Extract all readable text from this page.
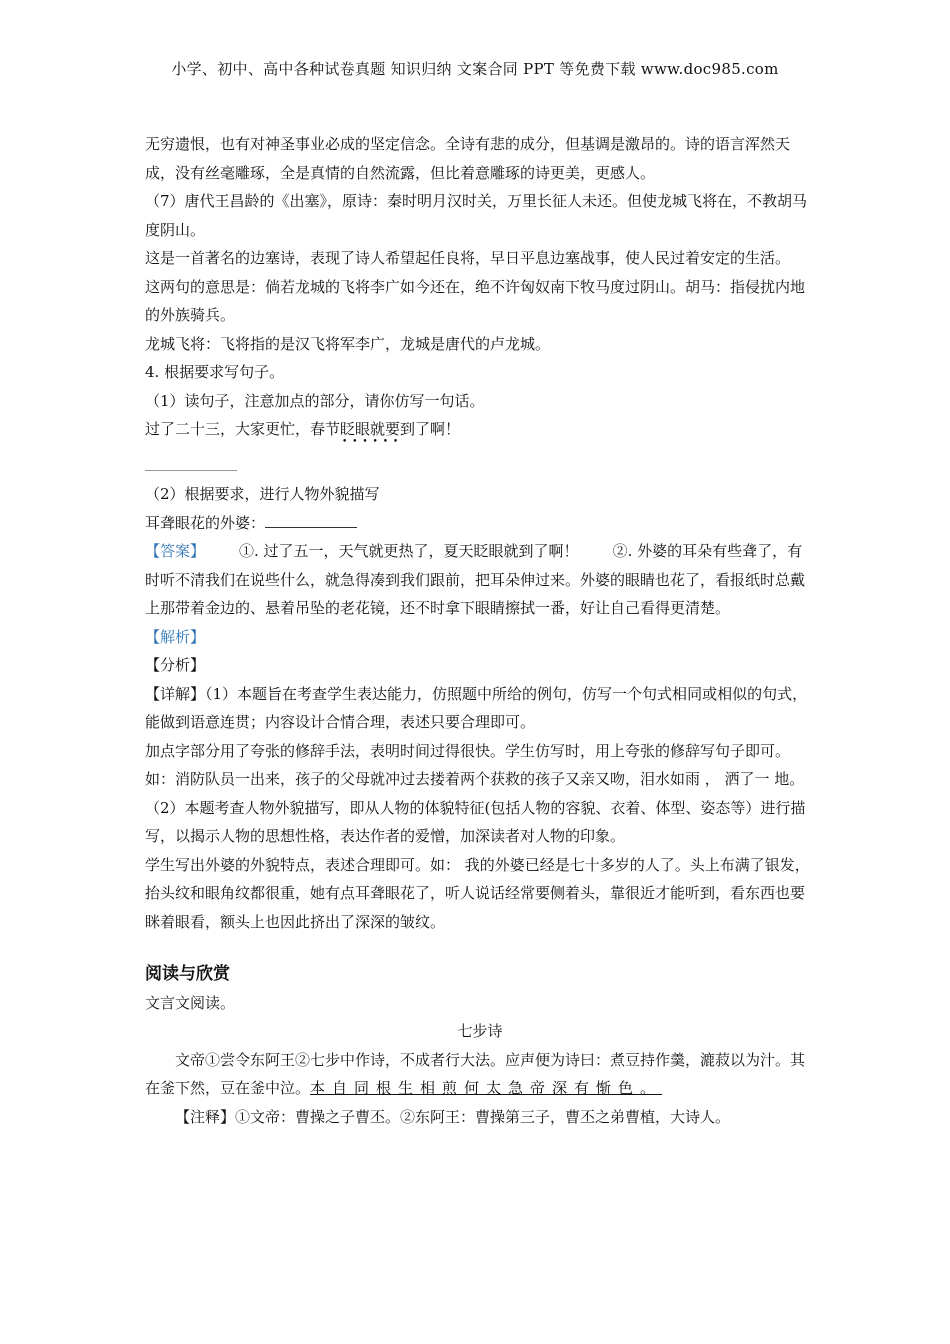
小学、初中、高中各种试卷真题 知识归纳 文案合同 PPT 等免费下载 www.doc985.com

无穷遗恨，也有对神圣事业必成的坚定信念。全诗有悲的成分，但基调是激昂的。诗的语言浑然天成，没有丝毫雕琢，全是真情的自然流露，但比着意雕琢的诗更美，更感人。

（7）唐代王昌龄的《出塞》，原诗：秦时明月汉时关，万里长征人未还。但使龙城飞将在，不教胡马度阴山。

这是一首著名的边塞诗，表现了诗人希望起任良将，早日平息边塞战事，使人民过着安定的生活。

这两句的意思是：倘若龙城的飞将李广如今还在，绝不许匈奴南下牧马度过阴山。胡马：指侵扰内地的外族骑兵。

龙城飞将：飞将指的是汉飞将军李广，龙城是唐代的卢龙城。

4. 根据要求写句子。

（1）读句子，注意加点的部分，请你仿写一句话。

过了二十三，大家更忙，春节眨眼就要到了 • • •啊！

（2）根据要求，进行人物外貌描写

耳聋眼花的外婆：

【答案】 ①. 过了五一，天气就更热了，夏天眨眼就到了啊！ ②. 外婆的耳朵有些聋了，有时听不清我们在说些什么，就急得凑到我们跟前，把耳朵伸过来。外婆的眼睛也花了，看报纸时总戴上那带着金边的、悬着吊坠的老花镜，还不时拿下眼睛擦拭一番，好让自己看得更清楚。

【解析】

【分析】

【详解】（1）本题旨在考查学生表达能力，仿照题中所给的例句，仿写一个句式相同或相似的句式，能做到语意连贯；内容设计合情合理，表述只要合理即可。

加点字部分用了夸张的修辞手法，表明时间过得很快。学生仿写时，用上夸张的修辞写句子即可。如：消防队员一出来，孩子的父母就冲过去搂着两个获救的孩子又亲又吻，泪水如雨 ， 洒了一 地。

（2）本题考查人物外貌描写，即从人物的体貌特征(包括人物的容貌、衣着、体型、姿态等）进行描写，以揭示人物的思想性格，表达作者的爱憎，加深读者对人物的印象。

学生写出外婆的外貌特点，表述合理即可。如： 我的外婆已经是七十多岁的人了。头上布满了银发，抬头纹和眼角纹都很重，她有点耳聋眼花了，听人说话经常要侧着头，靠很近才能听到，看东西也要眯着眼看，额头上也因此挤出了深深的皱纹。

阅读与欣赏

文言文阅读。

七步诗

文帝①尝令东阿王②七步中作诗，不成者行大法。应声便为诗曰：煮豆持作羹，漉菽以为汁。其在釜下然，豆在釜中泣。本自同根生相煎何太急帝深有惭色。

【注释】①文帝：曹操之子曹丕。②东阿王：曹操第三子，曹丕之弟曹植，大诗人。
